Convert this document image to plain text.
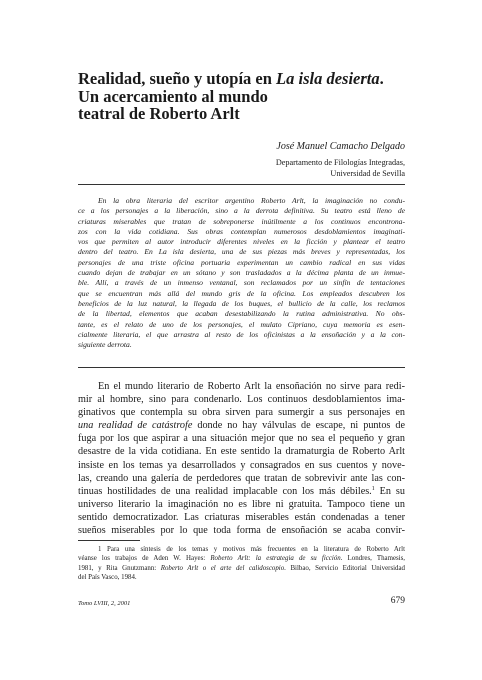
Realidad, sueño y utopía en La isla desierta.
Un acercamiento al mundo
teatral de Roberto Arlt
José Manuel Camacho Delgado
Departamento de Filologías Integradas,
Universidad de Sevilla
En la obra literaria del escritor argentino Roberto Arlt, la imaginación no condu-
ce a los personajes a la liberación, sino a la derrota definitiva. Su teatro está lleno de
criaturas miserables que tratan de sobreponerse inútilmente a los continuos encontrona-
zos con la vida cotidiana. Sus obras contemplan numerosos desdoblamientos imaginati-
vos que permiten al autor introducir diferentes niveles en la ficción y plantear el teatro
dentro del teatro. En La isla desierta, una de sus piezas más breves y representadas, los
personajes de una triste oficina portuaria experimentan un cambio radical en sus vidas
cuando dejan de trabajar en un sótano y son trasladados a la décima planta de un inmue-
ble. Allí, a través de un inmenso ventanal, son reclamados por un sinfín de tentaciones
que se encuentran más allá del mundo gris de la oficina. Los empleados descubren los
beneficios de la luz natural, la llegada de los buques, el bullicio de la calle, los reclamos
de la libertad, elementos que acaban desestabilizando la rutina administrativa. No obs-
tante, es el relato de uno de los personajes, el mulato Cipriano, cuya memoria es esen-
cialmente literaria, el que arrastra al resto de los oficinistas a la ensoñación y a la con-
siguiente derrota.
En el mundo literario de Roberto Arlt la ensoñación no sirve para redi-
mir al hombre, sino para condenarlo. Los continuos desdoblamientos ima-
ginativos que contempla su obra sirven para sumergir a sus personajes en
una realidad de catástrofe donde no hay válvulas de escape, ni puntos de
fuga por los que aspirar a una situación mejor que no sea el pequeño y gran
desastre de la vida cotidiana. En este sentido la dramaturgia de Roberto Arlt
insiste en los temas ya desarrollados y consagrados en sus cuentos y nove-
las, creando una galería de perdedores que tratan de sobrevivir ante las con-
tinuas hostilidades de una realidad implacable con los más débiles.$^1$ En su
universo literario la imaginación no es libre ni gratuita. Tampoco tiene un
sentido democratizador. Las criaturas miserables están condenadas a tener
sueños miserables por lo que toda forma de ensoñación se acaba convir-
1 Para una síntesis de los temas y motivos más frecuentes en la literatura de Roberto Arlt
véanse los trabajos de Aden W. Hayes: Roberto Arlt: la estrategia de su ficción. Londres, Thamesis,
1981, y Rita Gnutzmann: Roberto Arlt o el arte del calidoscopio. Bilbao, Servicio Editorial Universidad
del País Vasco, 1984.
Tomo LVIII, 2, 2001	679
